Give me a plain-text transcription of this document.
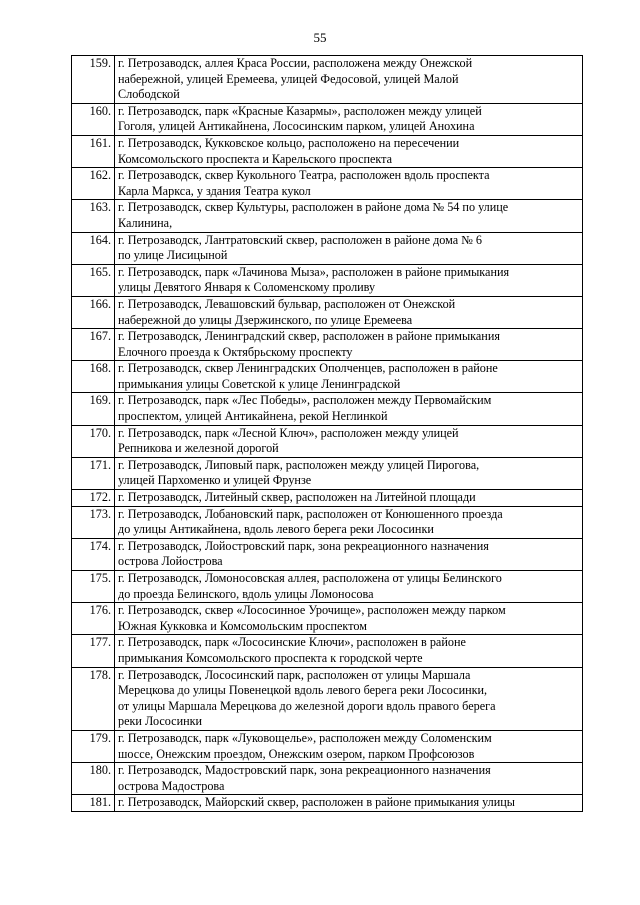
55
159.	г. Петрозаводск, аллея Краса России, расположена между Онежской
набережной, улицей Еремеева, улицей Федосовой, улицей Малой
Слободской

160.	г. Петрозаводск, парк «Красные Казармы», расположен между улицей
Гоголя, улицей Антикайнена, Лососинским парком, улицей Анохина

161.	г. Петрозаводск, Кукковское кольцо, расположено на пересечении
Комсомольского проспекта и Карельского проспекта

162.	г. Петрозаводск, сквер Кукольного Театра, расположен вдоль проспекта
Карла Маркса, у здания Театра кукол

163.	г. Петрозаводск, сквер Культуры, расположен в районе дома № 54 по улице
Калинина,

164.	г. Петрозаводск, Лантратовский сквер, расположен в районе дома № 6
по улице Лисицыной

165.	г. Петрозаводск, парк «Лачинова Мыза», расположен в районе примыкания
улицы Девятого Января к Соломенскому проливу

166.	г. Петрозаводск, Левашовский бульвар, расположен от Онежской
набережной до улицы Дзержинского, по улице Еремеева

167.	г. Петрозаводск, Ленинградский сквер, расположен в районе примыкания
Елочного проезда к Октябрьскому проспекту

168.	г. Петрозаводск, сквер Ленинградских Ополченцев, расположен в районе
примыкания улицы Советской к улице Ленинградской

169.	г. Петрозаводск, парк «Лес Победы», расположен между Первомайским
проспектом, улицей Антикайнена, рекой Неглинкой

170.	г. Петрозаводск, парк «Лесной Ключ», расположен между улицей
Репникова и железной дорогой

171.	г. Петрозаводск, Липовый парк, расположен между улицей Пирогова,
улицей Пархоменко и улицей Фрунзе

172.	г. Петрозаводск, Литейный сквер, расположен на Литейной площади

173.	г. Петрозаводск, Лобановский парк, расположен от Конюшенного проезда
до улицы Антикайнена, вдоль левого берега реки Лососинки

174.	г. Петрозаводск, Лойостровский парк, зона рекреационного назначения
острова Лойострова

175.	г. Петрозаводск, Ломоносовская аллея, расположена от улицы Белинского
до проезда Белинского, вдоль улицы Ломоносова

176.	г. Петрозаводск, сквер «Лососинное Урочище», расположен между парком
Южная Кукковка и Комсомольским проспектом

177.	г. Петрозаводск, парк «Лососинские Ключи», расположен в районе
примыкания Комсомольского проспекта к городской черте

178.	г. Петрозаводск, Лососинский парк, расположен от улицы Маршала
Мерецкова до улицы Повенецкой вдоль левого берега реки Лососинки,
от улицы Маршала Мерецкова до железной дороги вдоль правого берега
реки Лососинки

179.	г. Петрозаводск, парк «Луковощелье», расположен между Соломенским
шоссе, Онежским проездом, Онежским озером, парком Профсоюзов

180.	г. Петрозаводск, Мадостровский парк, зона рекреационного назначения
острова Мадострова

181.	г. Петрозаводск, Майорский сквер, расположен в районе примыкания улицы
